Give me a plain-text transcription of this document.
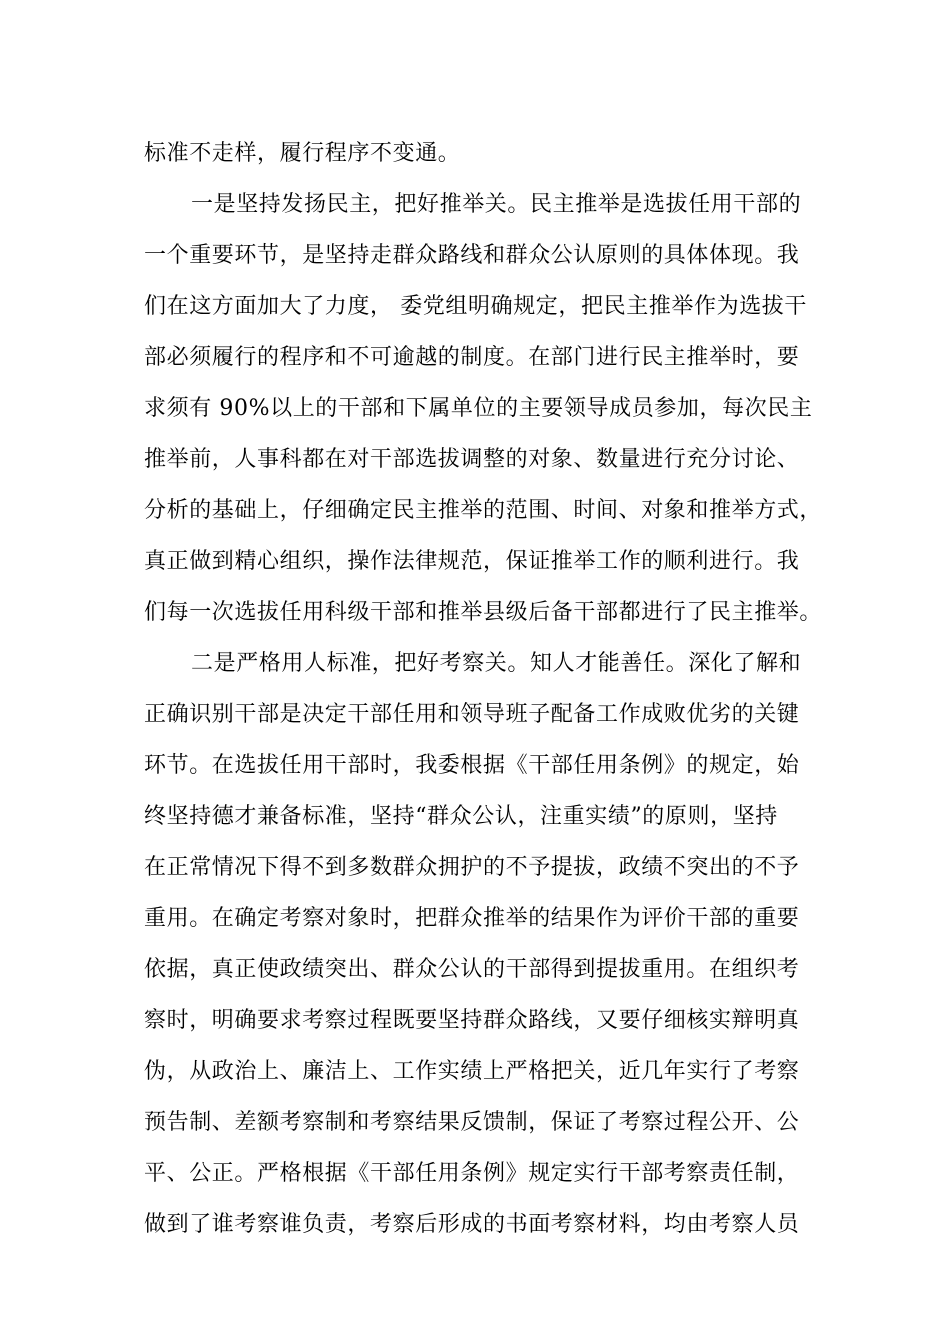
标准不走样，履行程序不变通。
一是坚持发扬民主，把好推举关。民主推举是选拔任用干部的
一个重要环节，是坚持走群众路线和群众公认原则的具体体现。我
们在这方面加大了力度， 委党组明确规定，把民主推举作为选拔干
部必须履行的程序和不可逾越的制度。在部门进行民主推举时，要
求须有 90%以上的干部和下属单位的主要领导成员参加，每次民主
推举前，人事科都在对干部选拔调整的对象、数量进行充分讨论、
分析的基础上，仔细确定民主推举的范围、时间、对象和推举方式，
真正做到精心组织，操作法律规范，保证推举工作的顺利进行。我
们每一次选拔任用科级干部和推举县级后备干部都进行了民主推举。
二是严格用人标准，把好考察关。知人才能善任。深化了解和
正确识别干部是决定干部任用和领导班子配备工作成败优劣的关键
环节。在选拔任用干部时，我委根据《干部任用条例》的规定，始
终坚持德才兼备标准，坚持“群众公认，注重实绩”的原则，坚持
在正常情况下得不到多数群众拥护的不予提拔，政绩不突出的不予
重用。在确定考察对象时，把群众推举的结果作为评价干部的重要
依据，真正使政绩突出、群众公认的干部得到提拔重用。在组织考
察时，明确要求考察过程既要坚持群众路线，又要仔细核实辩明真
伪，从政治上、廉洁上、工作实绩上严格把关，近几年实行了考察
预告制、差额考察制和考察结果反馈制，保证了考察过程公开、公
平、公正。严格根据《干部任用条例》规定实行干部考察责任制，
做到了谁考察谁负责，考察后形成的书面考察材料，均由考察人员
